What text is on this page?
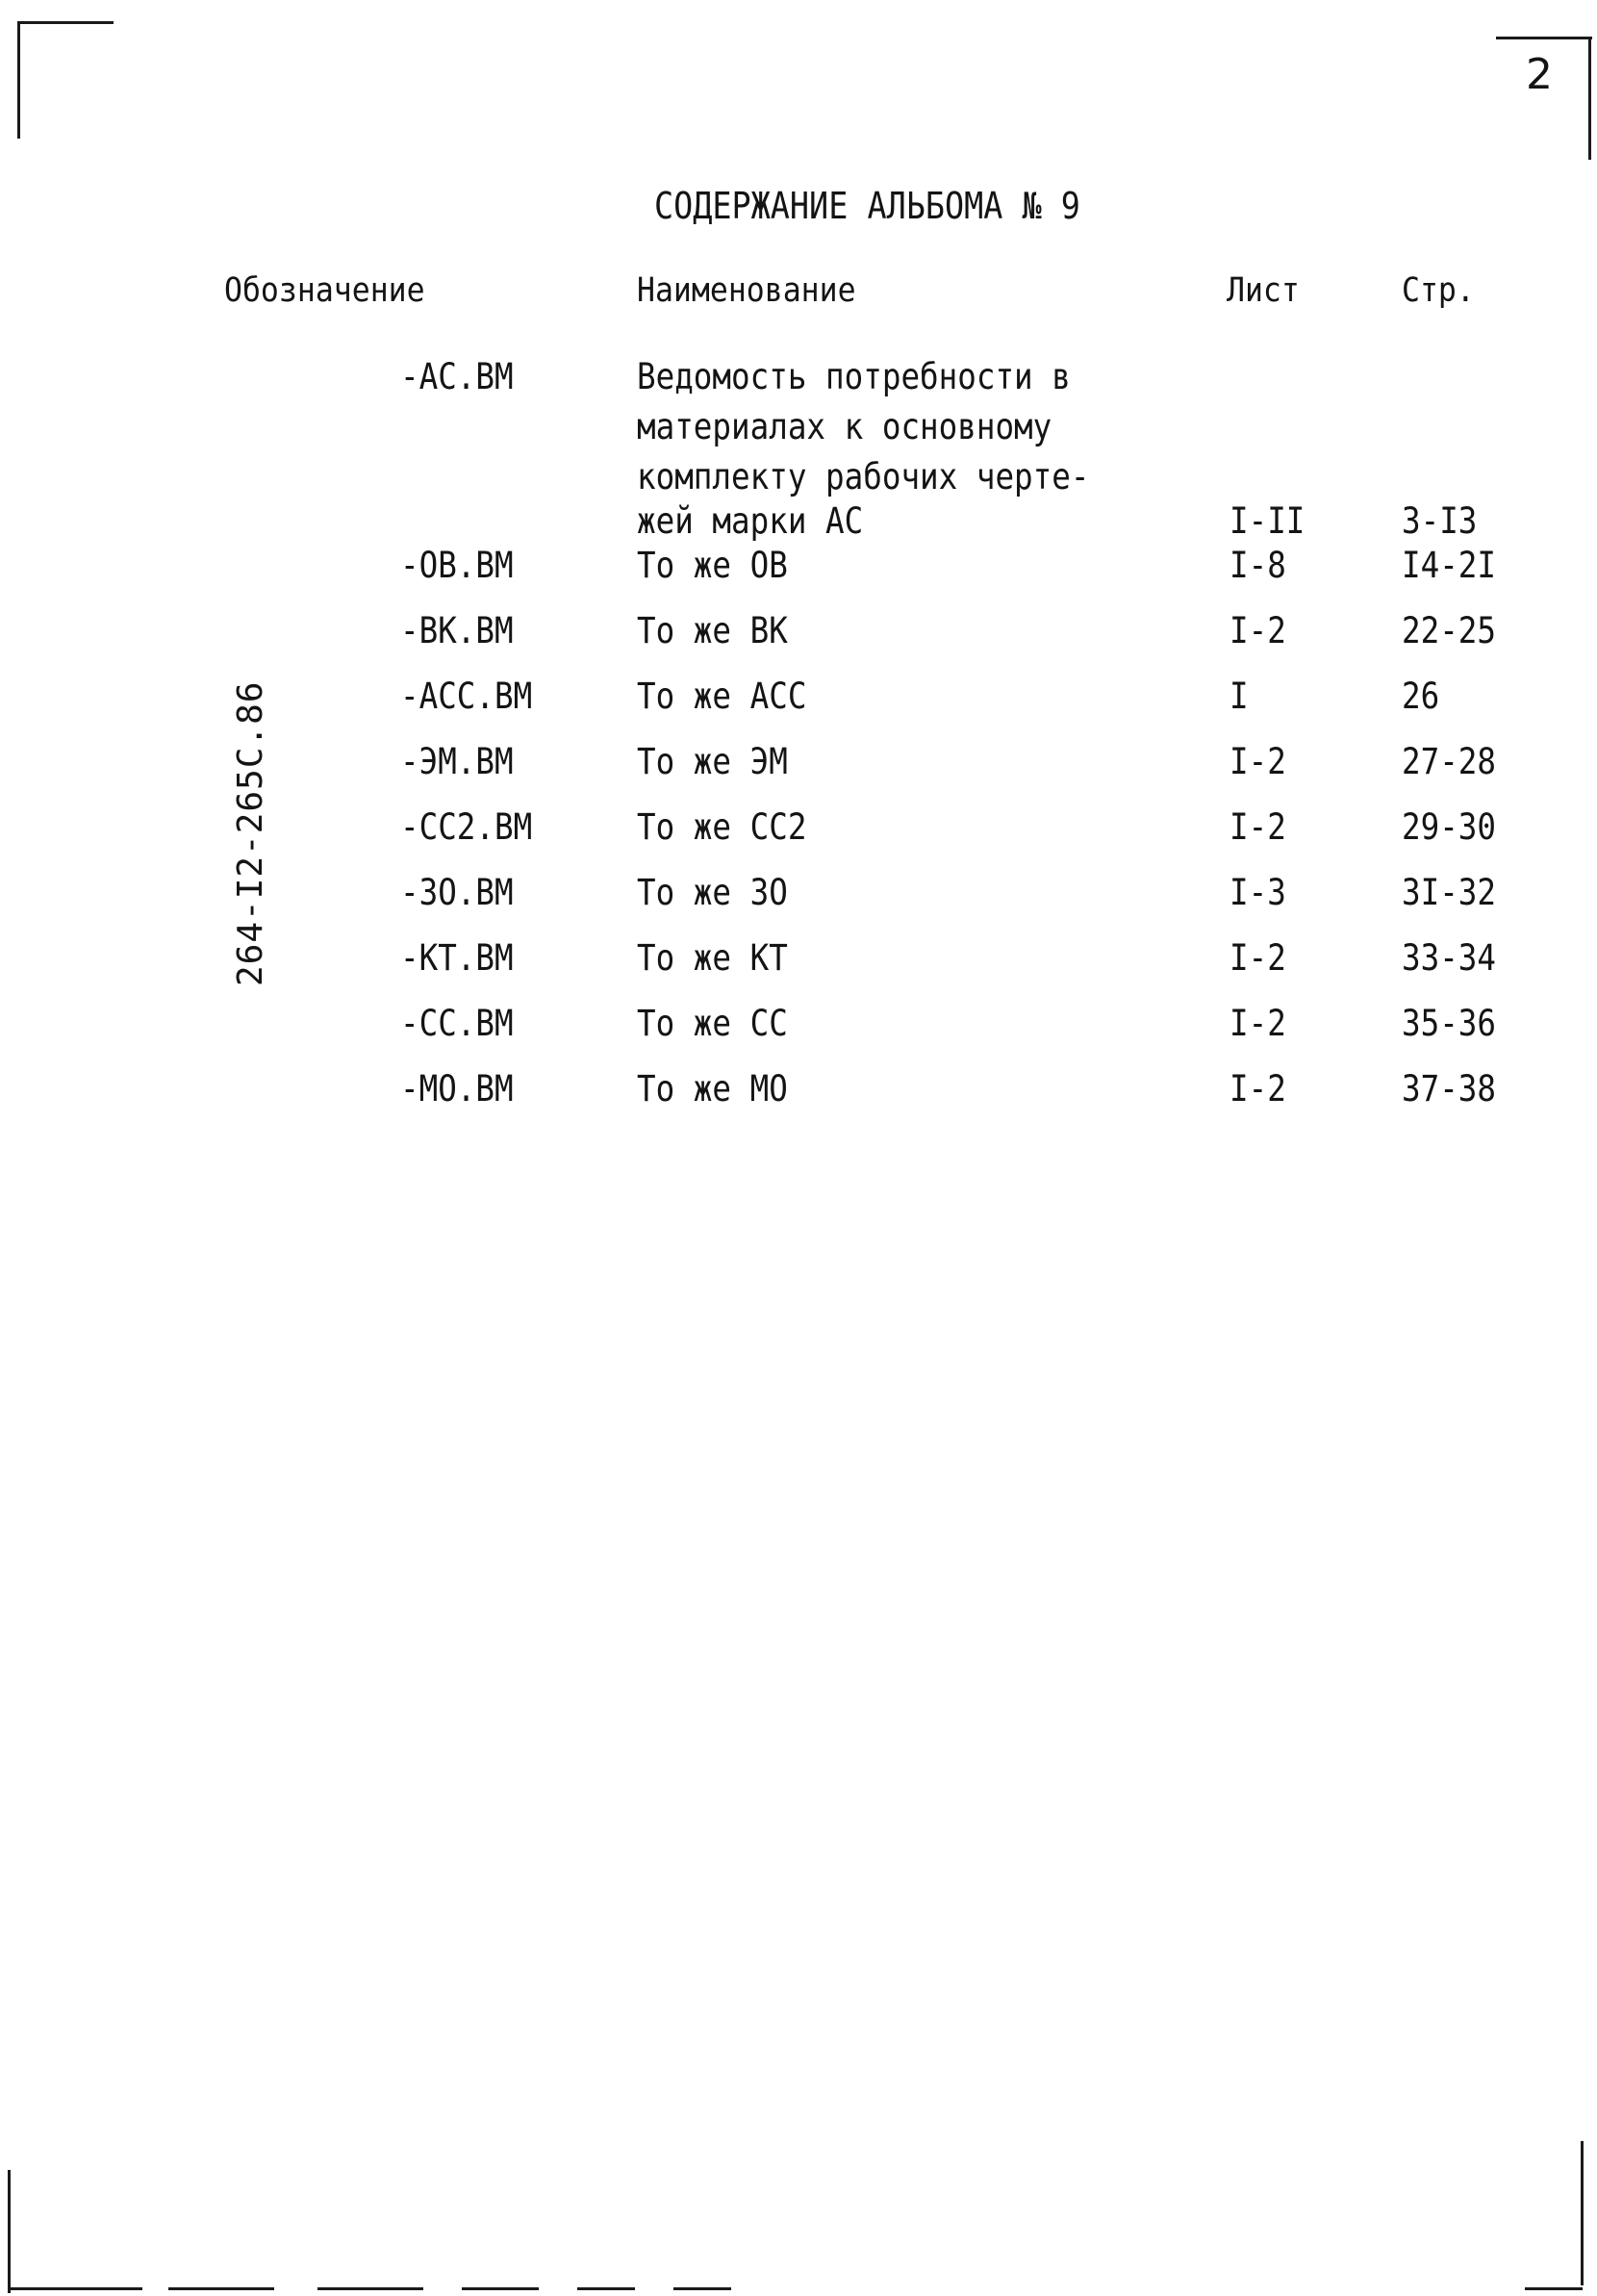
2
СОДЕРЖАНИЕ АЛЬБОМА № 9
Обозначение	Наименование	Лист	Стр.
264-I2-265С.86
-АС.ВМ	Ведомость потребности в
материалах к основному
комплекту рабочих черте-
жей марки АС	I-II	3-I3
-ОВ.ВМ	То же ОВ	I-8	I4-2I
-ВК.ВМ	То же ВК	I-2	22-25
-АСС.ВМ	То же АСС	I	26
-ЭМ.ВМ	То же ЭМ	I-2	27-28
-СС2.ВМ	То же СС2	I-2	29-30
-ЗО.ВМ	То же ЗО	I-3	3I-32
-КТ.ВМ	То же КТ	I-2	33-34
-СС.ВМ	То же СС	I-2	35-36
-МО.ВМ	То же МО	I-2	37-38
